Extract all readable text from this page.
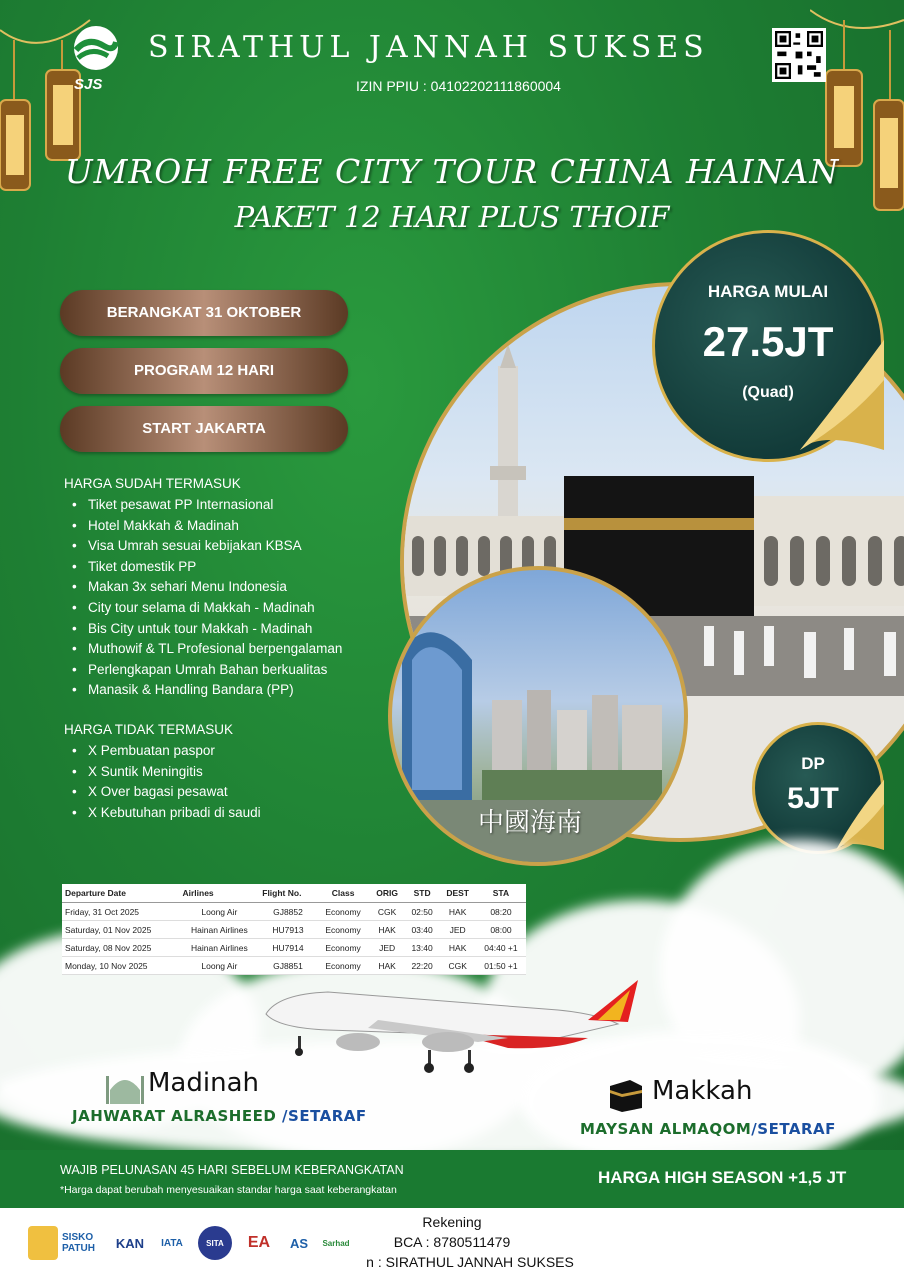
SJS
SIRATHUL JANNAH SUKSES
IZIN PPIU : 04102202111860004
UMROH FREE CITY TOUR CHINA HAINAN
PAKET 12 HARI PLUS THOIF
中國海南
HARGA MULAI
27.5JT
(Quad)
DP
5JT
BERANGKAT 31 OKTOBER
PROGRAM 12 HARI
START JAKARTA
HARGA SUDAH TERMASUK
• Tiket pesawat PP Internasional
• Hotel Makkah & Madinah
• Visa Umrah sesuai kebijakan KBSA
• Tiket domestik PP
• Makan 3x sehari Menu Indonesia
• City tour selama di Makkah - Madinah
• Bis City untuk tour Makkah - Madinah
• Muthowif & TL Profesional berpengalaman
• Perlengkapan Umrah Bahan berkualitas
• Manasik & Handling Bandara (PP)
HARGA TIDAK TERMASUK
• X Pembuatan paspor
• X Suntik Meningitis
• X Over bagasi pesawat
• X Kebutuhan pribadi di saudi
Departure Date	Airlines	Flight No.	Class	ORIG	STD	DEST	STA
Friday, 31 Oct 2025	Loong Air	GJ8852	Economy	CGK	02:50	HAK	08:20
Saturday, 01 Nov 2025	Hainan Airlines	HU7913	Economy	HAK	03:40	JED	08:00
Saturday, 08 Nov 2025	Hainan Airlines	HU7914	Economy	JED	13:40	HAK	04:40 +1
Monday, 10 Nov 2025	Loong Air	GJ8851	Economy	HAK	22:20	CGK	01:50 +1
Madinah
JAHWARAT ALRASHEED /SETARAF
Makkah
MAYSAN ALMAQOM/SETARAF
WAJIB PELUNASAN 45 HARI SEBELUM KEBERANGKATAN
*Harga dapat berubah menyesuaikan standar harga saat keberangkatan
HARGA HIGH SEASON +1,5 JT
SISKO PATUH	KAN	IATA	SITA	EA	AS	Sarhad
Rekening
BCA : 8780511479
n : SIRATHUL JANNAH SUKSES
